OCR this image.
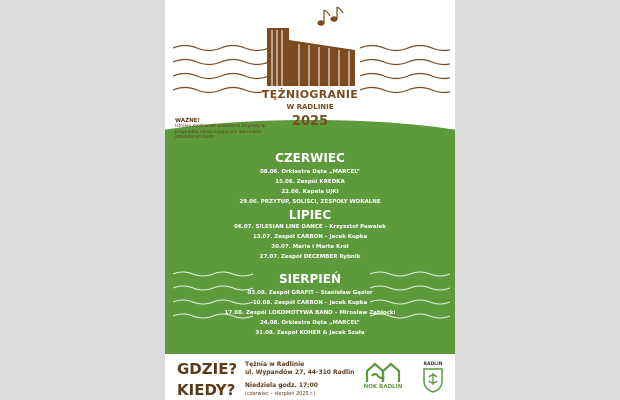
TĘŻNIOGRANIE
W RADLINIE
2025
WAŻNE!
Istnieje możliwość odwołania imprezy w przypadku niesprzyjających warunków atmosferycznych.
CZERWIEC
08.06. Orkiestra Dęta „MARCEL”
15.06. Zespół KREDKA
22.06. Kapela UJKI
29.06. PRZYTUP, SOLIŚCI, ZESPOŁY WOKALNE
LIPIEC
06.07. SILESIAN LINE DANCE – Krzysztof Pawelek
13.07. Zespół CARBON – Jacek Kupka
20.07. Maria i Marta Król
27.07. Zespół DECEMBER Rybnik
SIERPIEŃ
03.08. Zespół GRAFIT – Stanisław Gąsior
10.08. Zespół CARBON – Jacek Kupka
17.08. Zespół LOKOMOTYWA BAND – Mirosław Zabłocki
24.08. Orkiestra Dęta „MARCEL”
31.08. Zespół KOHER & Jacek Szuła
GDZIE? Tężnia w Radlinie
ul. Wypandów 27, 44-310 Radlin
KIEDY? Niedziela godz. 17:00
(czerwiec – sierpień 2025 r.)
NOK RADLIN
RADLIN
